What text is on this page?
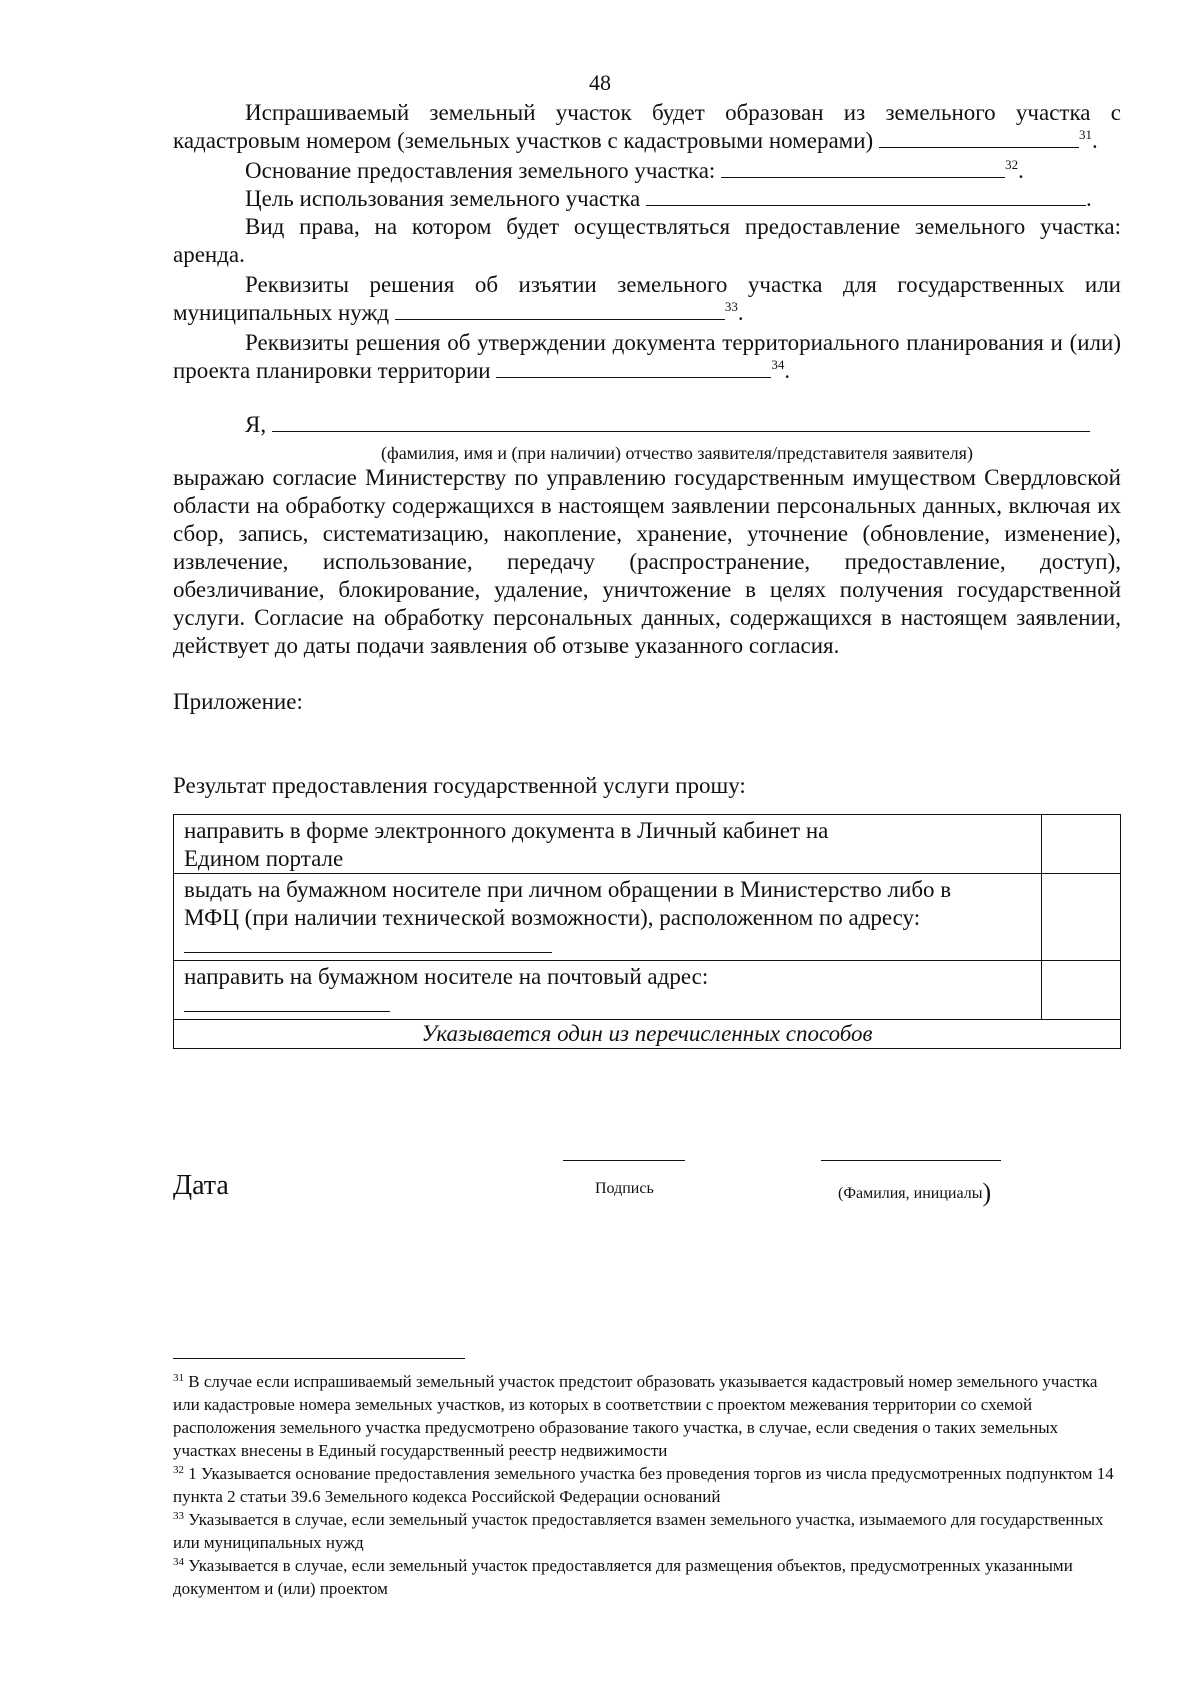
48

Испрашиваемый земельный участок будет образован из земельного участка с кадастровым номером (земельных участков с кадастровыми номерами)	$^{31}$.

Основание предоставления земельного участка:	$^{32}$.

Цель использования земельного участка	.

Вид права, на котором будет осуществляться предоставление земельного участка: аренда.

Реквизиты решения об изъятии земельного участка для государственных или муниципальных нужд	$^{33}$.

Реквизиты решения об утверждении документа территориального планирования и (или) проекта планировки территории	$^{34}$.

Я,

(фамилия, имя и (при наличии) отчество заявителя/представителя заявителя)

выражаю согласие Министерству по управлению государственным имуществом Свердловской области на обработку содержащихся в настоящем заявлении персональных данных, включая их сбор, запись, систематизацию, накопление, хранение, уточнение (обновление, изменение), извлечение, использование, передачу (распространение, предоставление, доступ), обезличивание, блокирование, удаление, уничтожение в целях получения государственной услуги. Согласие на обработку персональных данных, содержащихся в настоящем заявлении, действует до даты подачи заявления об отзыве указанного согласия.

Приложение:

Результат предоставления государственной услуги прошу:

направить в форме электронного документа в Личный кабинет на Едином портале	
выдать на бумажном носителе при личном обращении в Министерство либо в МФЦ (при наличии технической возможности), расположенном по адресу:	
направить на бумажном носителе на почтовый адрес:

Указывается один из перечисленных способов	
Дата	Подпись	(Фамилия, инициалы)

$^{31}$ В случае если испрашиваемый земельный участок предстоит образовать указывается кадастровый номер земельного участка или кадастровые номера земельных участков, из которых в соответствии с проектом межевания территории со схемой расположения земельного участка предусмотрено образование такого участка, в случае, если сведения о таких земельных участках внесены в Единый государственный реестр недвижимости

$^{32}$ 1 Указывается основание предоставления земельного участка без проведения торгов из числа предусмотренных подпунктом 14 пункта 2 статьи 39.6 Земельного кодекса Российской Федерации оснований

$^{33}$ Указывается в случае, если земельный участок предоставляется взамен земельного участка, изымаемого для государственных или муниципальных нужд

$^{34}$ Указывается в случае, если земельный участок предоставляется для размещения объектов, предусмотренных указанными документом и (или) проектом
